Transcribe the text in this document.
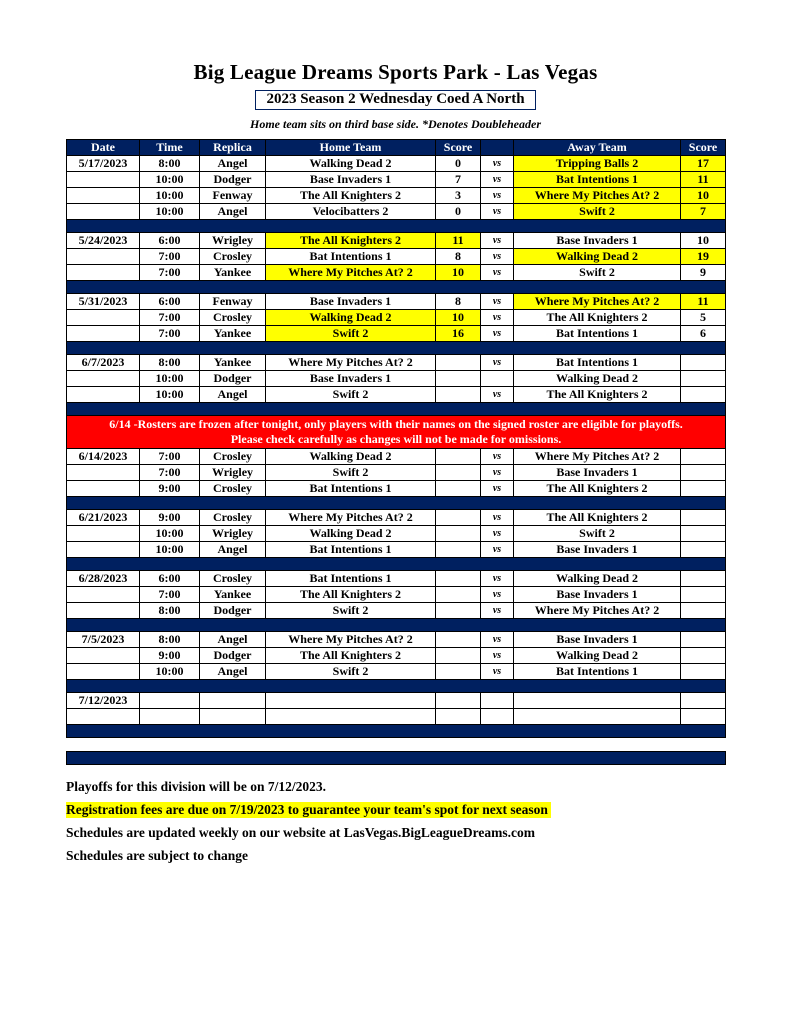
Big League Dreams Sports Park - Las Vegas
2023 Season 2 Wednesday Coed A North
Home team sits on third base side. *Denotes Doubleheader
Date	Time	Replica	Home Team	Score		Away Team	Score
5/17/2023	8:00	Angel	Walking Dead 2	0	vs	Tripping Balls 2	17
	10:00	Dodger	Base Invaders 1	7	vs	Bat Intentions 1	11
	10:00	Fenway	The All Knighters 2	3	vs	Where My Pitches At? 2	10
	10:00	Angel	Velocibatters 2	0	vs	Swift 2	7

5/24/2023	6:00	Wrigley	The All Knighters 2	11	vs	Base Invaders 1	10
	7:00	Crosley	Bat Intentions 1	8	vs	Walking Dead 2	19
	7:00	Yankee	Where My Pitches At? 2	10	vs	Swift 2	9

5/31/2023	6:00	Fenway	Base Invaders 1	8	vs	Where My Pitches At? 2	11
	7:00	Crosley	Walking Dead 2	10	vs	The All Knighters 2	5
	7:00	Yankee	Swift 2	16	vs	Bat Intentions 1	6

6/7/2023	8:00	Yankee	Where My Pitches At? 2		vs	Bat Intentions 1	
	10:00	Dodger	Base Invaders 1			Walking Dead 2	
	10:00	Angel	Swift 2		vs	The All Knighters 2	

6/14 -Rosters are frozen after tonight, only players with their names on the signed roster are eligible for playoffs.
Please check carefully as changes will not be made for omissions.							

6/14/2023	7:00	Crosley	Walking Dead 2		vs	Where My Pitches At? 2	
	7:00	Wrigley	Swift 2		vs	Base Invaders 1	
	9:00	Crosley	Bat Intentions 1		vs	The All Knighters 2	

6/21/2023	9:00	Crosley	Where My Pitches At? 2		vs	The All Knighters 2	
	10:00	Wrigley	Walking Dead 2		vs	Swift 2	
	10:00	Angel	Bat Intentions 1		vs	Base Invaders 1	

6/28/2023	6:00	Crosley	Bat Intentions 1		vs	Walking Dead 2	
	7:00	Yankee	The All Knighters 2		vs	Base Invaders 1	
	8:00	Dodger	Swift 2		vs	Where My Pitches At? 2	

7/5/2023	8:00	Angel	Where My Pitches At? 2		vs	Base Invaders 1	
	9:00	Dodger	The All Knighters 2		vs	Walking Dead 2	
	10:00	Angel	Swift 2		vs	Bat Intentions 1	

7/12/2023							

Playoffs for this division will be on 7/12/2023.
Registration fees are due on 7/19/2023 to guarantee your team's spot for next season
Schedules are updated weekly on our website at LasVegas.BigLeagueDreams.com
Schedules are subject to change
